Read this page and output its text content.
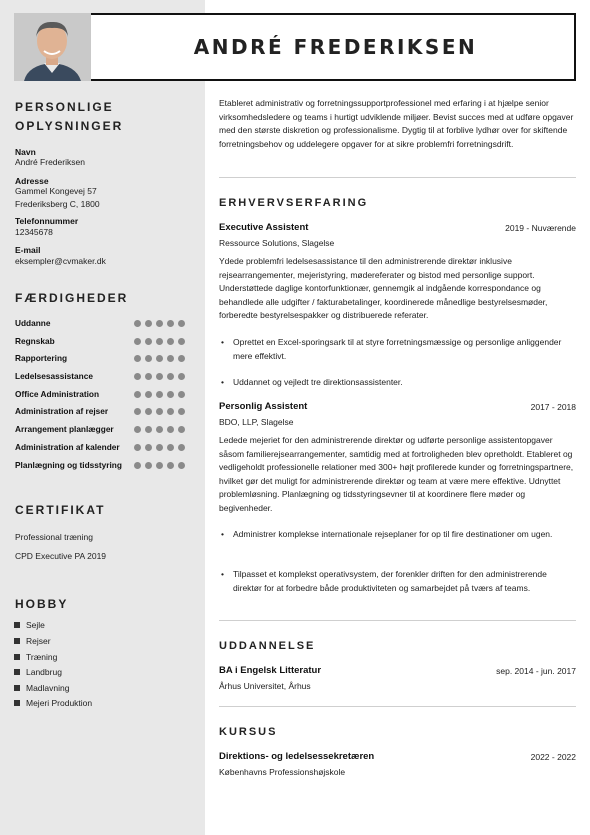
ANDRÉ FREDERIKSEN
PERSONLIGE OPLYSNINGER
Navn
André Frederiksen
Adresse
Gammel Kongevej 57
Frederiksberg C, 1800
Telefonnummer
12345678
E-mail
eksempler@cvmaker.dk
FÆRDIGHEDER
Uddanne
Regnskab
Rapportering
Ledelsesassistance
Office Administration
Administration af rejser
Arrangement planlægger
Administration af kalender
Planlægning og tidsstyring
CERTIFIKAT
Professional træning
CPD Executive PA 2019
HOBBY
Sejle
Rejser
Træning
Landbrug
Madlavning
Mejeri Produktion
Etableret administrativ og forretningssupportprofessionel med erfaring i at hjælpe senior virksomhedsledere og teams i hurtigt udviklende miljøer. Bevist succes med at udføre opgaver med den største diskretion og professionalisme. Dygtig til at forblive lydhør over for skiftende forretningsbehov og uddelegere opgaver for at sikre problemfri forretningsdrift.
ERHVERVSERFARING
Executive Assistent	2019 - Nuværende
Ressource Solutions, Slagelse
Ydede problemfri ledelsesassistance til den administrerende direktør inklusive rejsearrangementer, mejeristyring, mødereferater og bistod med personlige support. Understøttede daglige kontorfunktionær, gennemgik al indgående korrespondance og behandlede alle udgifter / fakturabetalinger, koordinerede månedlige bestyrelsesmøder, forberedte bestyrelsespakker og distribuerede referater.
• Oprettet en Excel-sporingsark til at styre forretningsmæssige og personlige anliggender mere effektivt.
• Uddannet og vejledt tre direktionsassistenter.
Personlig Assistent	2017 - 2018
BDO, LLP, Slagelse
Ledede mejeriet for den administrerende direktør og udførte personlige assistentopgaver såsom familierejsearrangementer, samtidig med at fortroligheden blev opretholdt. Etableret og vedligeholdt professionelle relationer med 300+ højt profilerede kunder og forretningspartnere, hvilket gør det muligt for administrerende direktør og team at være mere effektive. Udnyttet problemløsning. Planlægning og tidsstyringsevner til at koordinere flere møder og begivenheder.
• Administrer komplekse internationale rejseplaner for op til fire destinationer om ugen.
• Tilpasset et komplekst operativsystem, der forenkler driften for den administrerende direktør for at forbedre både produktiviteten og samarbejdet på tværs af teams.
UDDANNELSE
BA i Engelsk Litteratur	sep. 2014 - jun. 2017
Århus Universitet, Århus
KURSUS
Direktions- og ledelsessekretæren	2022 - 2022
Københavns Professionshøjskole
